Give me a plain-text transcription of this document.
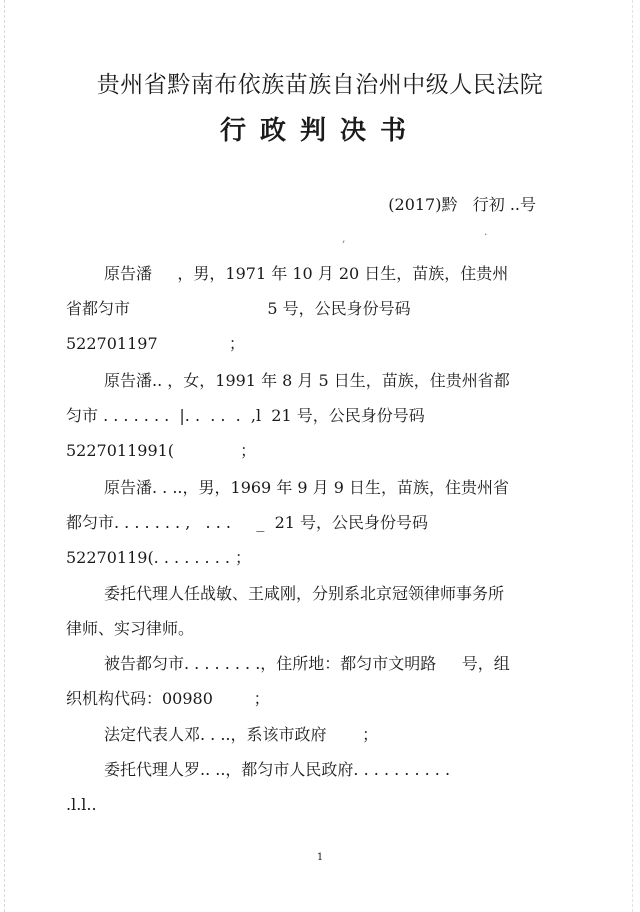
贵州省黔南布依族苗族自治州中级人民法院
行政判决书
(2017)黔   行初 ..号
,	·
原告潘     ，男，1971 年 10 月 20 日生，苗族，住贵州
省都匀市                           5 号，公民身份号码
522701197              ；
原告潘.. ，女，1991 年 8 月 5 日生，苗族，住贵州省都
匀市 . . . . . . .  |. .  . .  .  ,l  21 号，公民身份号码
5227011991(             ；
原告潘. . ..，男，1969 年 9 月 9 日生，苗族，住贵州省
都匀市. . . . . . . ,   . . .     _  21 号，公民身份号码
52270119(. . . . . . . . ；
委托代理人任战敏、王咸刚，分别系北京冠领律师事务所
律师、实习律师。
被告都匀市. . . . . . . .，住所地：都匀市文明路     号，组
织机构代码：00980        ；
法定代表人邓. . ..，系该市政府       ；
委托代理人罗.. ..，都匀市人民政府. . . . . . . . . .
.l.l..
1
